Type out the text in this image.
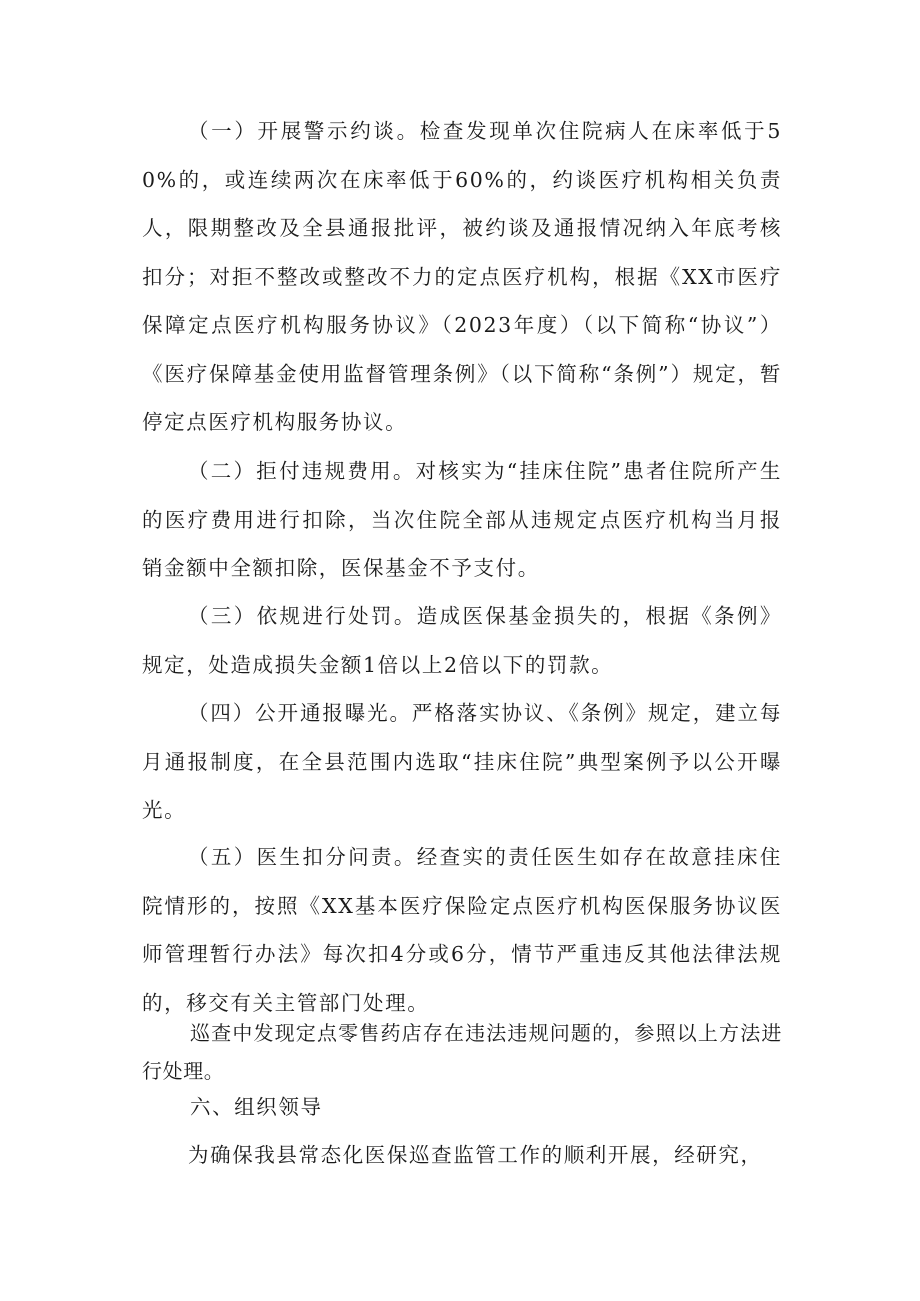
（一）开展警示约谈。检查发现单次住院病人在床率低于50%的，或连续两次在床率低于60%的，约谈医疗机构相关负责人，限期整改及全县通报批评，被约谈及通报情况纳入年底考核扣分；对拒不整改或整改不力的定点医疗机构，根据《XX市医疗保障定点医疗机构服务协议》（2023年度）（以下简称“协议”）《医疗保障基金使用监督管理条例》（以下简称“条例”）规定，暂停定点医疗机构服务协议。

（二）拒付违规费用。对核实为“挂床住院”患者住院所产生的医疗费用进行扣除，当次住院全部从违规定点医疗机构当月报销金额中全额扣除，医保基金不予支付。

（三）依规进行处罚。造成医保基金损失的，根据《条例》规定，处造成损失金额1倍以上2倍以下的罚款。

（四）公开通报曝光。严格落实协议、《条例》规定，建立每月通报制度，在全县范围内选取“挂床住院”典型案例予以公开曝光。

（五）医生扣分问责。经查实的责任医生如存在故意挂床住院情形的，按照《XX基本医疗保险定点医疗机构医保服务协议医师管理暂行办法》每次扣4分或6分，情节严重违反其他法律法规的，移交有关主管部门处理。

巡查中发现定点零售药店存在违法违规问题的，参照以上方法进行处理。

六、组织领导

为确保我县常态化医保巡查监管工作的顺利开展，经研究，
